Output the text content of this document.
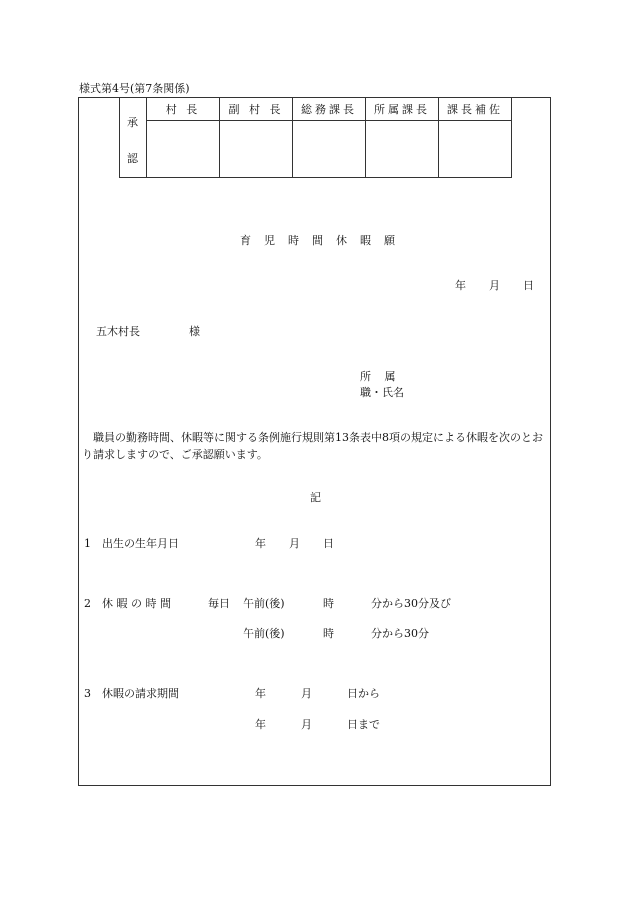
様式第4号(第7条関係)
承
認	村 長	副 村 長	総務課長	所属課長	課長補佐

育児時間休暇願
年 月 日
五木村長	様
所 属
職・氏名
職員の勤務時間、休暇等に関する条例施行規則第13条表中8項の規定による休暇を次のとおり請求しますので、ご承認願います。
記
1 出生の生年月日	年 月 日
2 休 暇 の 時 間	毎日 午前(後)	時	分から30分及び
午前(後)	時	分から30分
3 休暇の請求期間	年	月	日から
年	月	日まで
